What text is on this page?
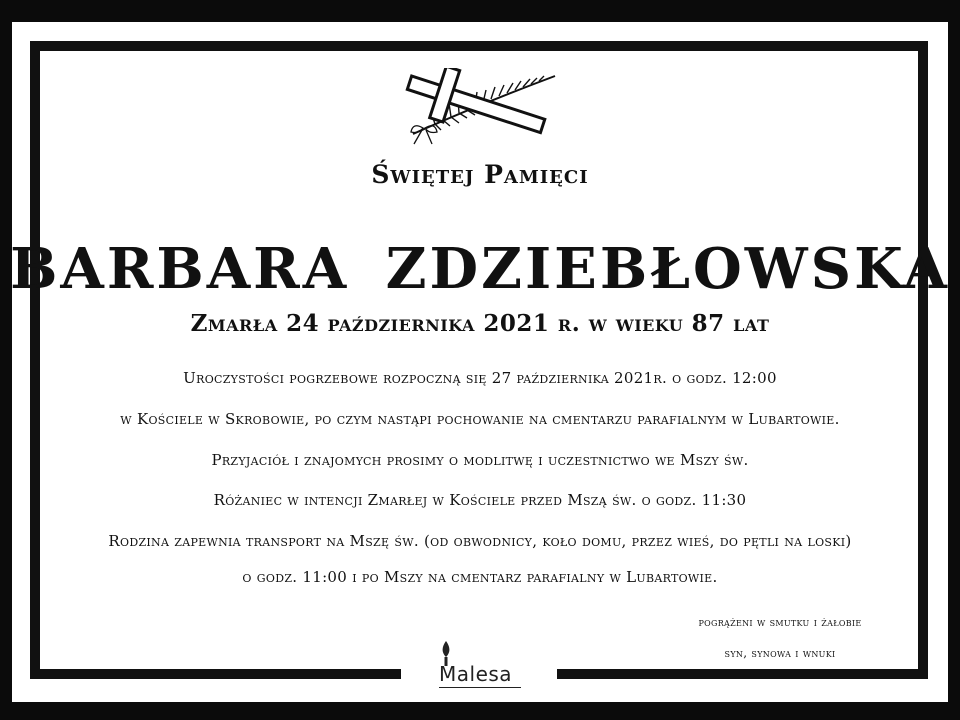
Świętej Pamięci
BARBARA ZDZIEBŁOWSKA
Zmarła 24 października 2021 r. w wieku 87 lat
Uroczystości pogrzebowe rozpoczną się 27 października 2021r. o godz. 12:00
w Kościele w Skrobowie, po czym nastąpi pochowanie na cmentarzu parafialnym w Lubartowie.
Przyjaciół i znajomych prosimy o modlitwę i uczestnictwo we Mszy św.
Różaniec w intencji Zmarłej w Kościele przed Mszą św. o godz. 11:30
Rodzina zapewnia transport na Mszę św. (od obwodnicy, koło domu, przez wieś, do pętli na loski)
o godz. 11:00 i po Mszy na cmentarz parafialny w Lubartowie.
pogrążeni w smutku i żałobie
syn, synowa i wnuki
Malesa
